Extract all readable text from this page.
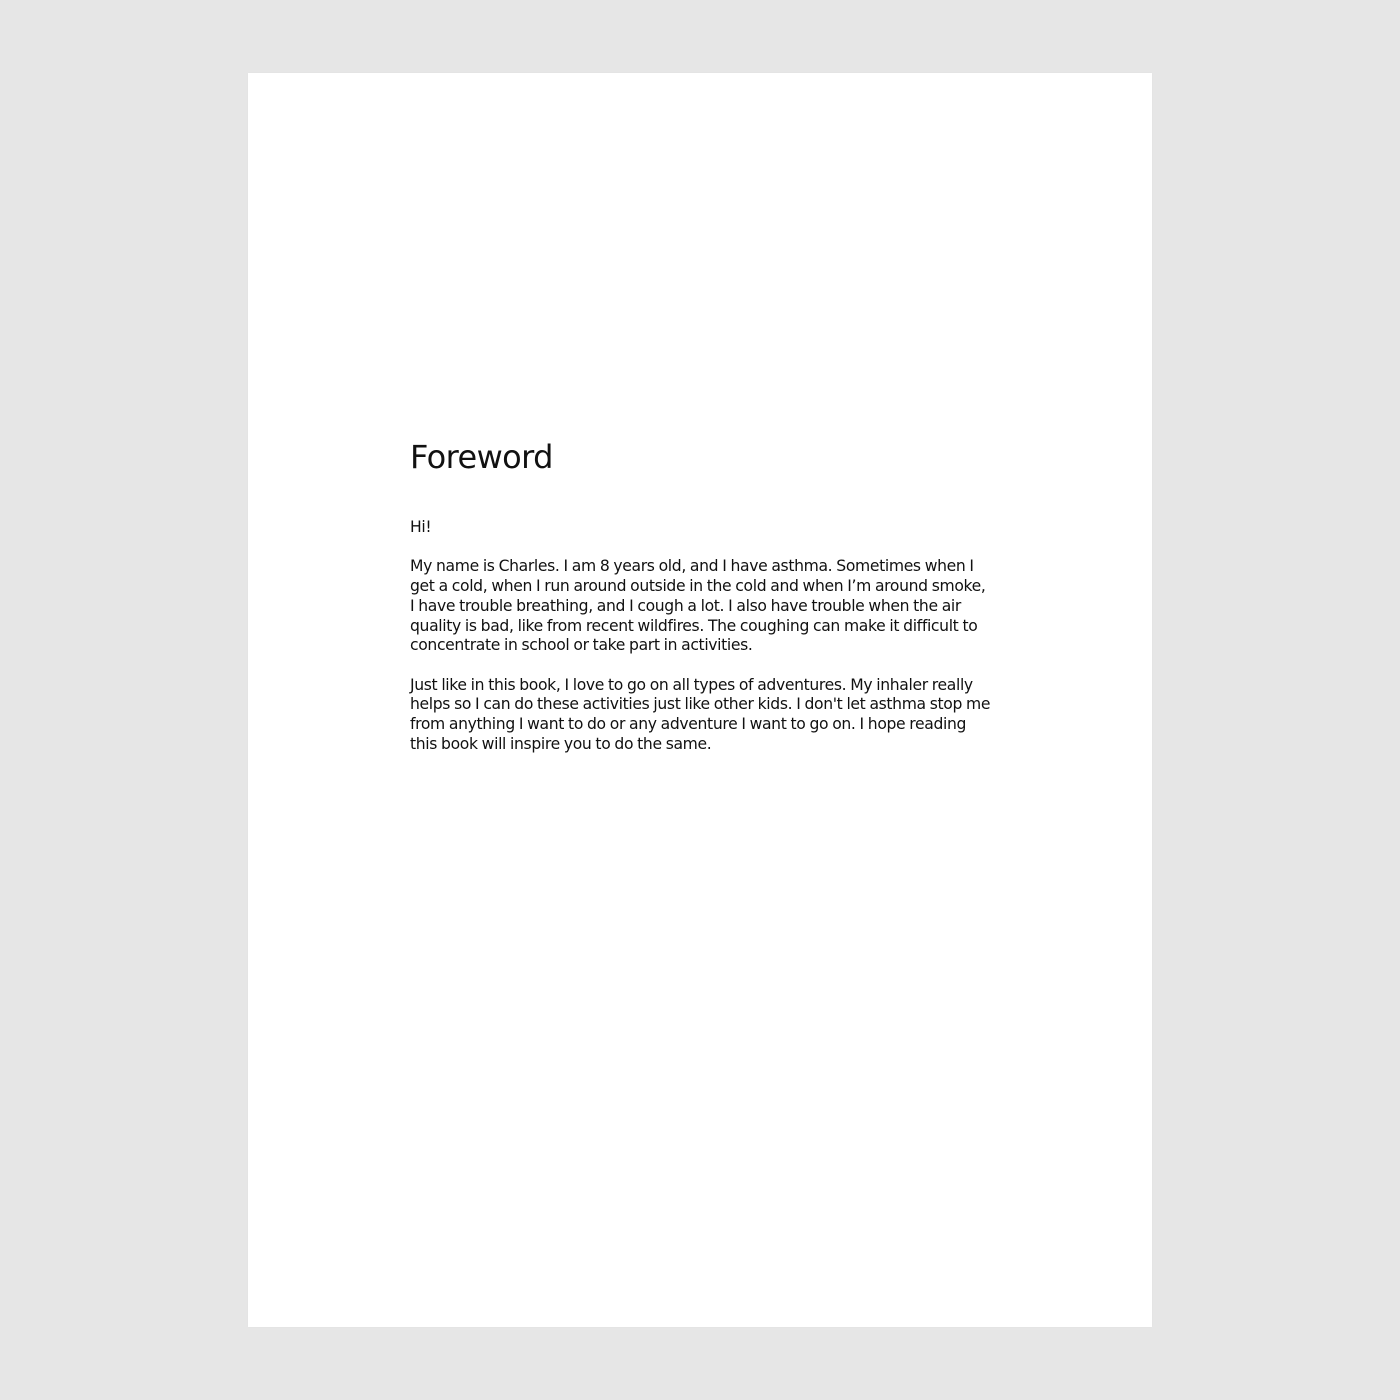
Foreword

Hi!

My name is Charles. I am 8 years old, and I have asthma. Sometimes when I
get a cold, when I run around outside in the cold and when I’m around smoke,
I have trouble breathing, and I cough a lot. I also have trouble when the air
quality is bad, like from recent wildfires. The coughing can make it difficult to
concentrate in school or take part in activities.

Just like in this book, I love to go on all types of adventures. My inhaler really
helps so I can do these activities just like other kids. I don't let asthma stop me
from anything I want to do or any adventure I want to go on. I hope reading
this book will inspire you to do the same.
